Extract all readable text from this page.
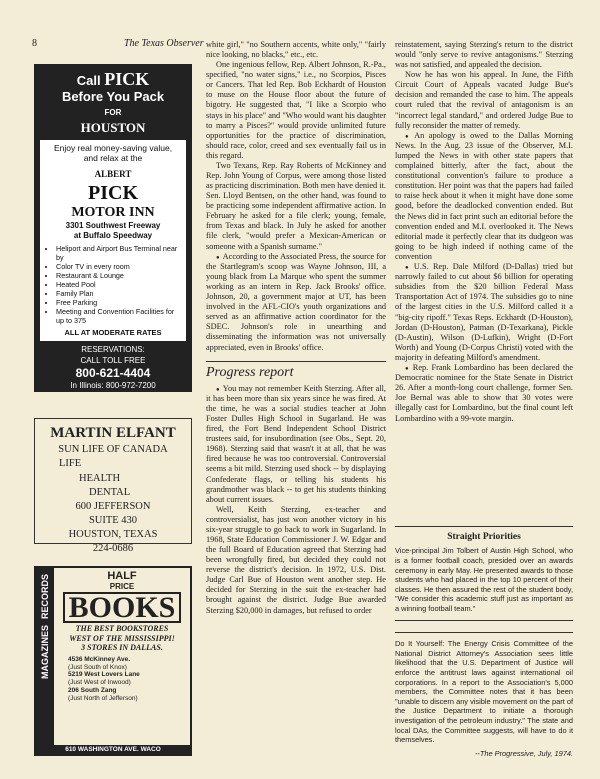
8	The Texas Observer
Call PICK
Before You Pack
FOR
HOUSTON
Enjoy real money-saving value, and relax at the
ALBERT
PICK
MOTOR INN
3301 Southwest Freeway
at Buffalo Speedway
• Heliport and Airport Bus Terminal near by
• Color TV in every room
• Restaurant & Lounge
• Heated Pool
• Family Plan
• Free Parking
• Meeting and Convention Facilities for up to 375
ALL AT MODERATE RATES
RESERVATIONS:
CALL TOLL FREE
800-621-4404
In Illinois: 800-972-7200
MARTIN ELFANT
SUN LIFE OF CANADA
LIFE
HEALTH
DENTAL
600 JEFFERSON
SUITE 430
HOUSTON, TEXAS
224-0686
RECORDS
MAGAZINES
HALF
PRICE
BOOKS
THE BEST BOOKSTORES
WEST OF THE MISSISSIPPI!
3 STORES IN DALLAS.
4536 McKinney Ave.
(Just South of Knox)
5219 West Lovers Lane
(Just West of Inwood)
206 South Zang
(Just North of Jefferson)
610 WASHINGTON AVE. WACO

white girl," "no Southern accents, white only," "fairly nice looking, no blacks," etc., etc.

One ingenious fellow, Rep. Albert Johnson, R.-Pa., specified, "no water signs," i.e., no Scorpios, Pisces or Cancers. That led Rep. Bob Eckhardt of Houston to muse on the House floor about the future of bigotry. He suggested that, "I like a Scorpio who stays in his place" and "Who would want his daughter to marry a Pisces?" would provide unlimited future opportunities for the practice of discrimination, should race, color, creed and sex eventually fail us in this regard.

Two Texans, Rep. Ray Roberts of McKinney and Rep. John Young of Corpus, were among those listed as practicing discrimination. Both men have denied it. Sen. Lloyd Bentsen, on the other hand, was found to be practicing some independent affirmative action. In February he asked for a file clerk; young, female, from Texas and black. In July he asked for another file clerk, "would prefer a Mexican-American or someone with a Spanish surname."

● According to the Associated Press, the source for the Startlegram's scoop was Wayne Johnson, III, a young black from La Marque who spent the summer working as an intern in Rep. Jack Brooks' office. Johnson, 20, a government major at UT, has been involved in the AFL-CIO's youth organizations and served as an affirmative action coordinator for the SDEC. Johnson's role in unearthing and disseminating the information was not universally appreciated, even in Brooks' office.

Progress report

● You may not remember Keith Sterzing. After all, it has been more than six years since he was fired. At the time, he was a social studies teacher at John Foster Dulles High School in Sugarland. He was fired, the Fort Bend Independent School District trustees said, for insubordination (see Obs., Sept. 20, 1968). Sterzing said that wasn't it at all, that he was fired because he was too controversial. Controversial seems a bit mild. Sterzing used shock -- by displaying Confederate flags, or telling his students his grandmother was black -- to get his students thinking about current issues.

Well, Keith Sterzing, ex-teacher and controversialist, has just won another victory in his six-year struggle to go back to work in Sugarland. In 1968, State Education Commissioner J. W. Edgar and the full Board of Education agreed that Sterzing had been wrongfully fired, but decided they could not reverse the district's decision. In 1972, U.S. Dist. Judge Carl Bue of Houston went another step. He decided for Sterzing in the suit the ex-teacher had brought against the district. Judge Bue awarded Sterzing $20,000 in damages, but refused to order

reinstatement, saying Sterzing's return to the district would "only serve to revive antagonisms." Sterzing was not satisfied, and appealed the decision.

Now he has won his appeal. In June, the Fifth Circuit Court of Appeals vacated Judge Bue's decision and remanded the case to him. The appeals court ruled that the revival of antagonism is an "incorrect legal standard," and ordered Judge Bue to fully reconsider the matter of remedy.

● An apology is owed to the Dallas Morning News. In the Aug. 23 issue of the Observer, M.I. lumped the News in with other state papers that complained bitterly, after the fact, about the constitutional convention's failure to produce a constitution. Her point was that the papers had failed to raise heck about it when it might have done some good, before the deadlocked convention ended. But the News did in fact print such an editorial before the convention ended and M.I. overlooked it. The News editorial made it perfectly clear that its dudgeon was going to be high indeed if nothing came of the convention

● U.S. Rep. Dale Milford (D-Dallas) tried but narrowly failed to cut about $6 billion for operating subsidies from the $20 billion Federal Mass Transportation Act of 1974. The subsidies go to nine of the largest cities in the U.S. Milford called it a "big-city ripoff." Texas Reps. Eckhardt (D-Houston), Jordan (D-Houston), Patman (D-Texarkana), Pickle (D-Austin), Wilson (D-Lufkin), Wright (D-Fort Worth) and Young (D-Corpus Christi) voted with the majority in defeating Milford's amendment.

● Rep. Frank Lombardino has been declared the Democratic nominee for the State Senate in District 26. After a month-long court challenge, former Sen. Joe Bernal was able to show that 30 votes were illegally cast for Lombardino, but the final count left Lombardino with a 99-vote margin.

Straight Priorities
Vice-principal Jim Tolbert of Austin High School, who is a former football coach, presided over an awards ceremony in early May. He presented awards to those students who had placed in the top 10 percent of their classes. He then assured the rest of the student body, "We consider this academic stuff just as important as a winning football team."
Do It Yourself: The Energy Crisis Committee of the National District Attorney's Association sees little likelihood that the U.S. Department of Justice will enforce the antitrust laws against international oil corporations. In a report to the Association's 5,000 members, the Committee notes that it has been "unable to discern any visible movement on the part of the Justice Department to initiate a thorough investigation of the petroleum industry." The state and local DAs, the Committee suggests, will have to do it themselves.
--The Progressive, July, 1974.
